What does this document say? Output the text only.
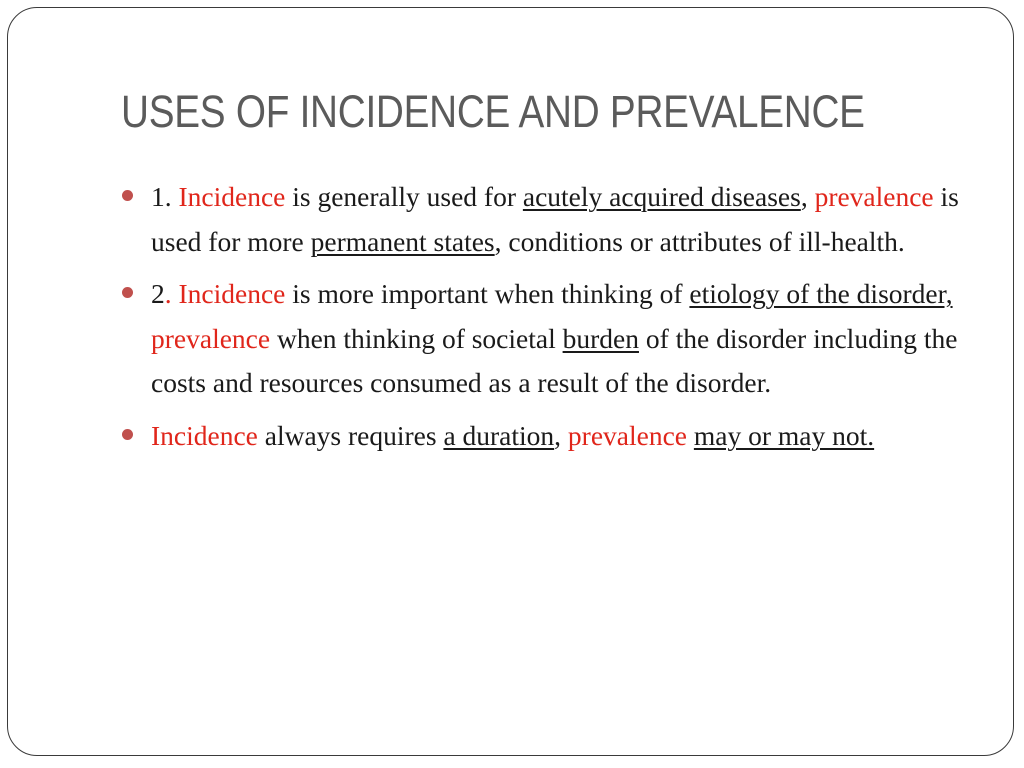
USES OF INCIDENCE AND PREVALENCE
1. Incidence is generally used for acutely acquired diseases, prevalence is used for more permanent states, conditions or attributes of ill-health.
2. Incidence is more important when thinking of etiology of the disorder, prevalence when thinking of societal burden of the disorder including the costs and resources consumed as a result of the disorder.
Incidence always requires a duration, prevalence may or may not.
